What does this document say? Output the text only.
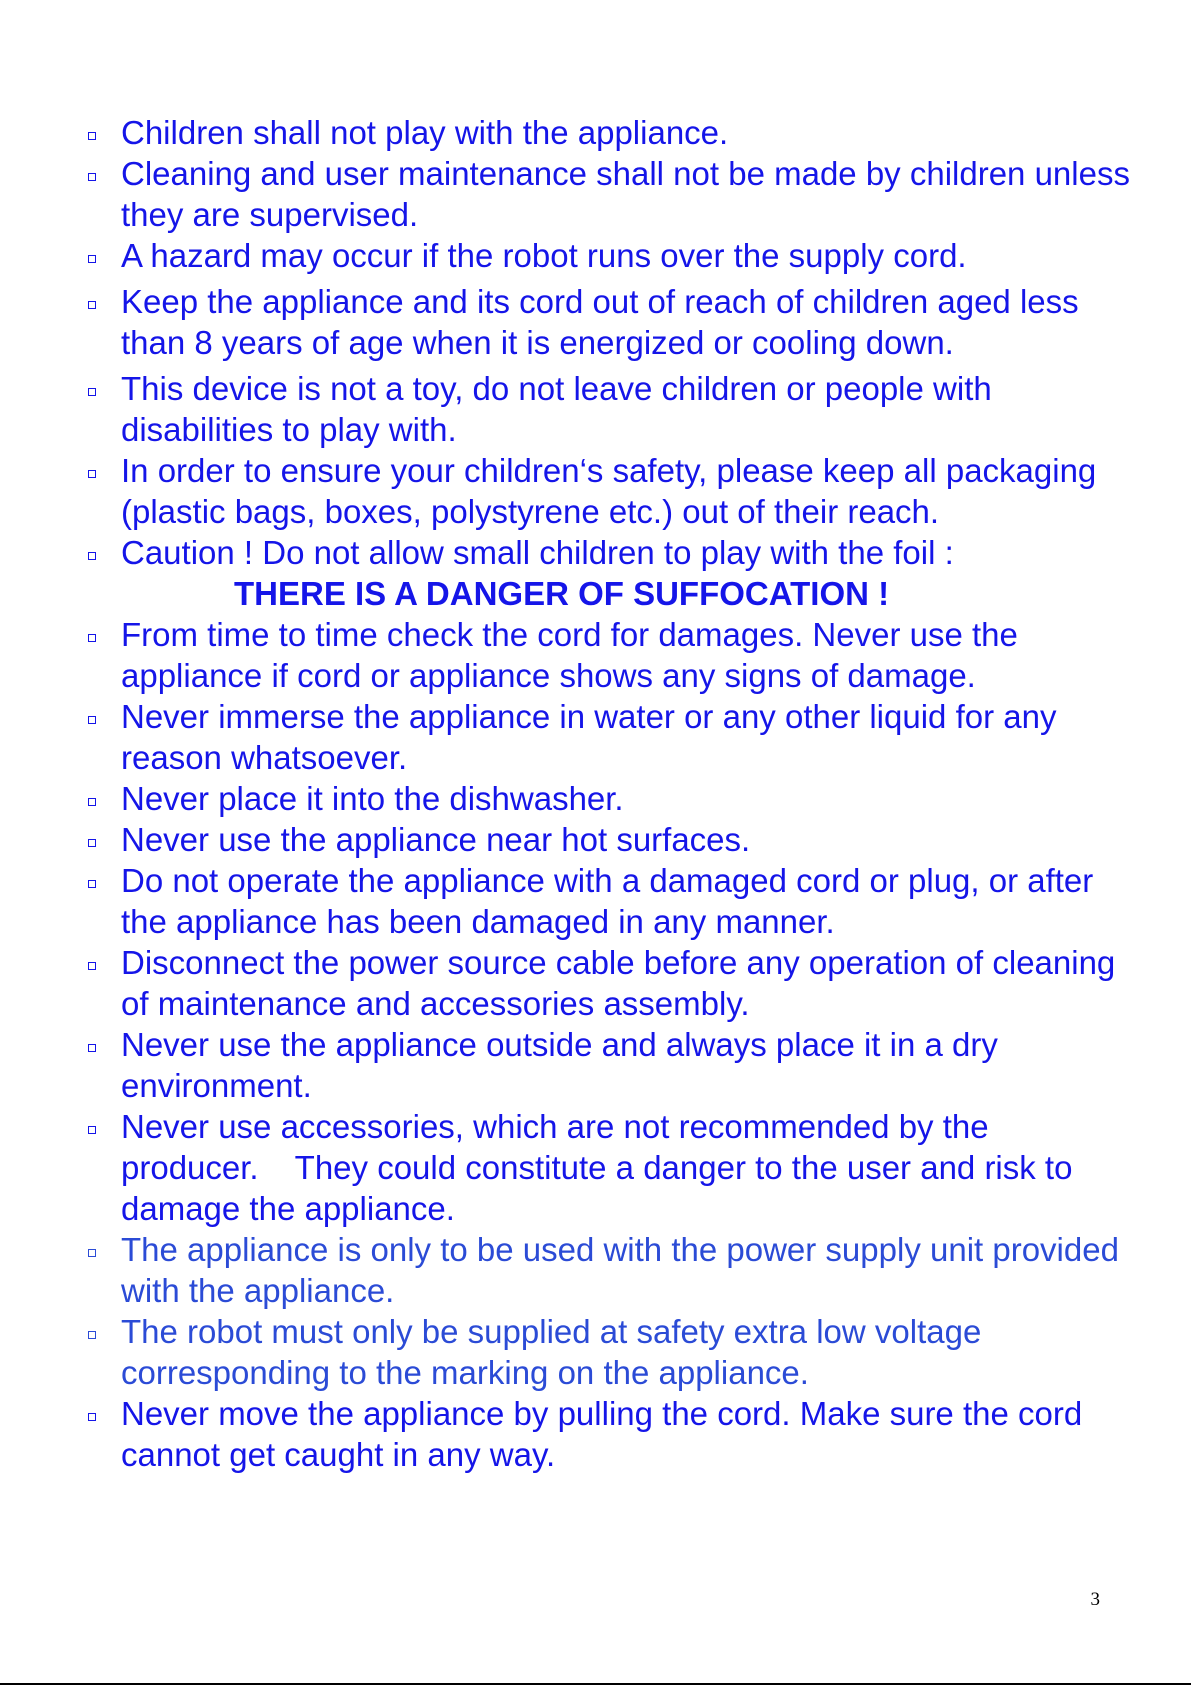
Children shall not play with the appliance.
Cleaning and user maintenance shall not be made by children unless they are supervised.
A hazard may occur if the robot runs over the supply cord.
Keep the appliance and its cord out of reach of children aged less than 8 years of age when it is energized or cooling down.
This device is not a toy, do not leave children or people with disabilities to play with.
In order to ensure your children‘s safety, please keep all packaging (plastic bags, boxes, polystyrene etc.) out of their reach.
Caution ! Do not allow small children to play with the foil :
THERE IS A DANGER OF SUFFOCATION !
From time to time check the cord for damages. Never use the appliance if cord or appliance shows any signs of damage.
Never immerse the appliance in water or any other liquid for any reason whatsoever.
Never place it into the dishwasher.
Never use the appliance near hot surfaces.
Do not operate the appliance with a damaged cord or plug, or after the appliance has been damaged in any manner.
Disconnect the power source cable before any operation of cleaning of maintenance and accessories assembly.
Never use the appliance outside and always place it in a dry environment.
Never use accessories, which are not recommended by the producer.    They could constitute a danger to the user and risk to damage the appliance.
The appliance is only to be used with the power supply unit provided with the appliance.
The robot must only be supplied at safety extra low voltage corresponding to the marking on the appliance.
Never move the appliance by pulling the cord. Make sure the cord cannot get caught in any way.
3
